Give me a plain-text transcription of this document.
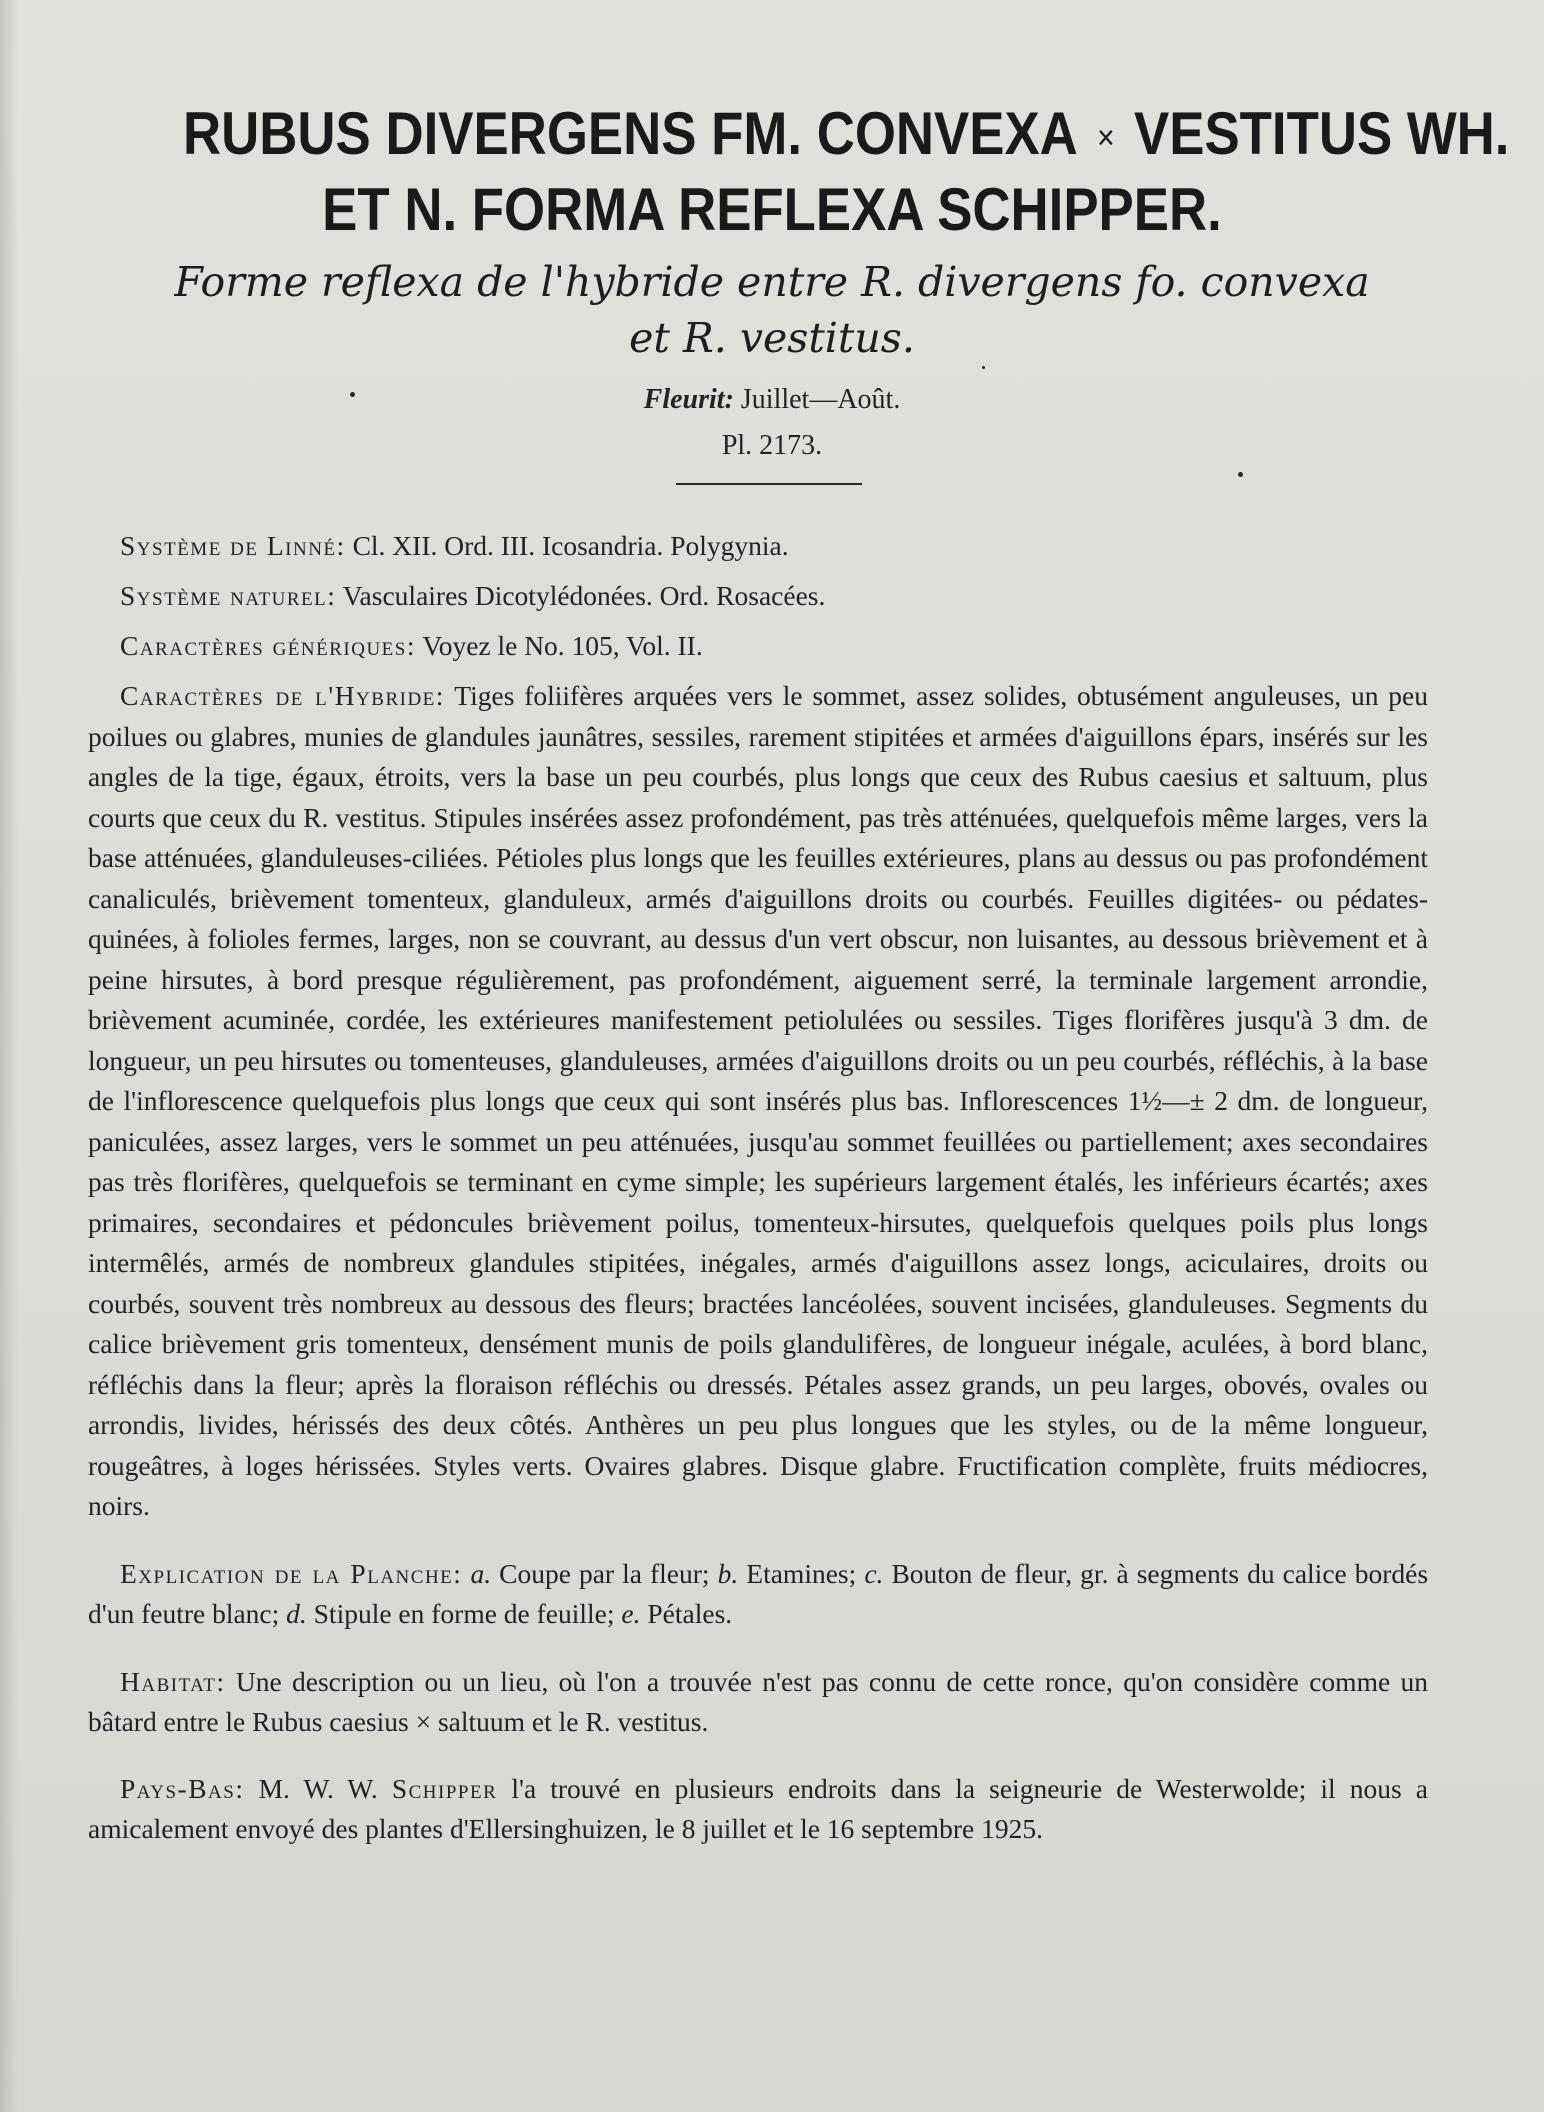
RUBUS DIVERGENS FM. CONVEXA × VESTITUS WH.
ET N. FORMA REFLEXA SCHIPPER.
Forme reflexa de l'hybride entre R. divergens fo. convexa
et R. vestitus.
Fleurit: Juillet—Août.
Pl. 2173.

Système de Linné: Cl. XII. Ord. III. Icosandria. Polygynia.

Système naturel: Vasculaires Dicotylédonées. Ord. Rosacées.

Caractères génériques: Voyez le No. 105, Vol. II.

Caractères de l'Hybride: Tiges foliifères arquées vers le sommet, assez solides, obtusément anguleuses, un peu poilues ou glabres, munies de glandules jaunâtres, sessiles, rarement stipitées et armées d'aiguillons épars, insérés sur les angles de la tige, égaux, étroits, vers la base un peu courbés, plus longs que ceux des Rubus caesius et saltuum, plus courts que ceux du R. vestitus. Stipules insérées assez profondément, pas très atténuées, quelquefois même larges, vers la base atténuées, glanduleuses-ciliées. Pétioles plus longs que les feuilles extérieures, plans au dessus ou pas profondément canaliculés, brièvement tomenteux, glanduleux, armés d'aiguillons droits ou courbés. Feuilles digitées- ou pédates-quinées, à folioles fermes, larges, non se couvrant, au dessus d'un vert obscur, non luisantes, au dessous brièvement et à peine hirsutes, à bord presque régulièrement, pas profondément, aiguement serré, la terminale largement arrondie, brièvement acuminée, cordée, les extérieures manifestement petiolulées ou sessiles. Tiges florifères jusqu'à 3 dm. de longueur, un peu hirsutes ou tomenteuses, glanduleuses, armées d'aiguillons droits ou un peu courbés, réfléchis, à la base de l'inflorescence quelquefois plus longs que ceux qui sont insérés plus bas. Inflorescences 1½—± 2 dm. de longueur, paniculées, assez larges, vers le sommet un peu atténuées, jusqu'au sommet feuillées ou partiellement; axes secondaires pas très florifères, quelquefois se terminant en cyme simple; les supérieurs largement étalés, les inférieurs écartés; axes primaires, secondaires et pédoncules brièvement poilus, tomenteux-hirsutes, quelquefois quelques poils plus longs intermêlés, armés de nombreux glandules stipitées, inégales, armés d'aiguillons assez longs, aciculaires, droits ou courbés, souvent très nombreux au dessous des fleurs; bractées lancéolées, souvent incisées, glanduleuses. Segments du calice brièvement gris tomenteux, densément munis de poils glandulifères, de longueur inégale, aculées, à bord blanc, réfléchis dans la fleur; après la floraison réfléchis ou dressés. Pétales assez grands, un peu larges, obovés, ovales ou arrondis, livides, hérissés des deux côtés. Anthères un peu plus longues que les styles, ou de la même longueur, rougeâtres, à loges hérissées. Styles verts. Ovaires glabres. Disque glabre. Fructification complète, fruits médiocres, noirs.

Explication de la Planche: a. Coupe par la fleur; b. Etamines; c. Bouton de fleur, gr. à segments du calice bordés d'un feutre blanc; d. Stipule en forme de feuille; e. Pétales.

Habitat: Une description ou un lieu, où l'on a trouvée n'est pas connu de cette ronce, qu'on considère comme un bâtard entre le Rubus caesius × saltuum et le R. vestitus.

Pays-Bas: M. W. W. Schipper l'a trouvé en plusieurs endroits dans la seigneurie de Westerwolde; il nous a amicalement envoyé des plantes d'Ellersinghuizen, le 8 juillet et le 16 septembre 1925.
